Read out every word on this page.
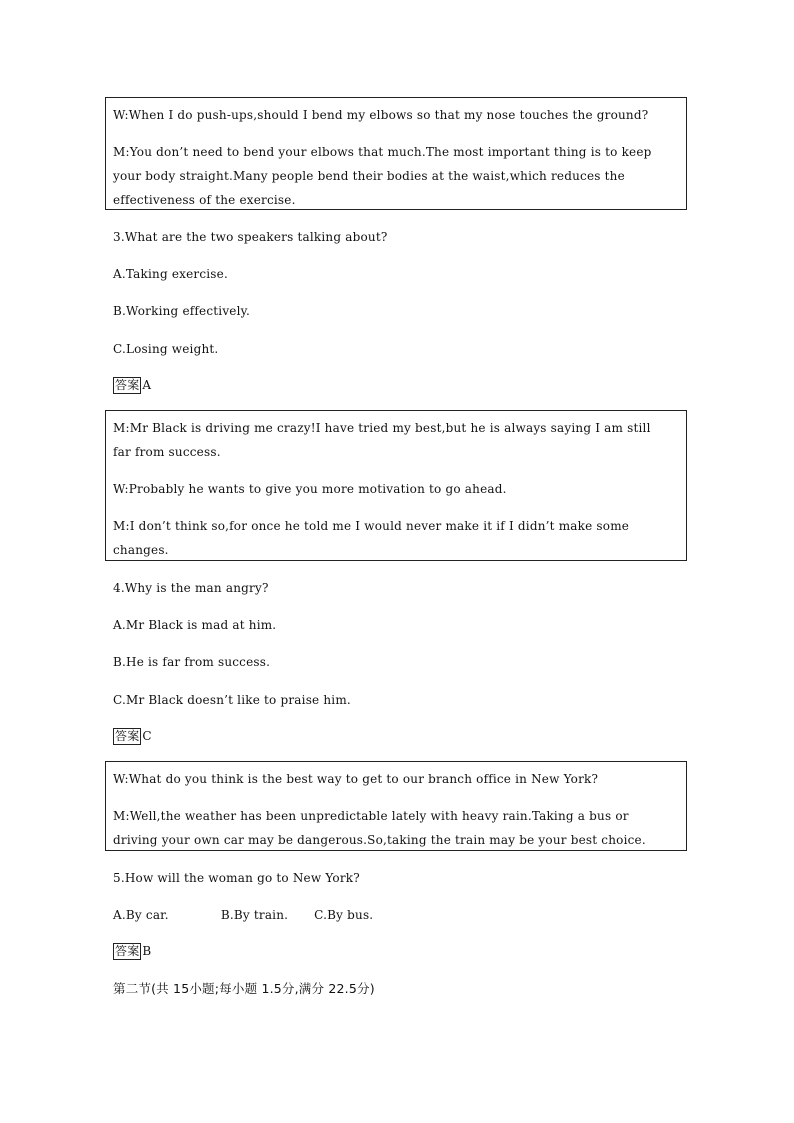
W:When I do push-ups,should I bend my elbows so that my nose touches the ground?
M:You don’t need to bend your elbows that much.The most important thing is to keep
your body straight.Many people bend their bodies at the waist,which reduces the
effectiveness of the exercise.
3.What are the two speakers talking about?
A.Taking exercise.
B.Working effectively.
C.Losing weight.
答案 A
M:Mr Black is driving me crazy!I have tried my best,but he is always saying I am still
far from success.
W:Probably he wants to give you more motivation to go ahead.
M:I don’t think so,for once he told me I would never make it if I didn’t make some
changes.
4.Why is the man angry?
A.Mr Black is mad at him.
B.He is far from success.
C.Mr Black doesn’t like to praise him.
答案 C
W:What do you think is the best way to get to our branch office in New York?
M:Well,the weather has been unpredictable lately with heavy rain.Taking a bus or
driving your own car may be dangerous.So,taking the train may be your best choice.
5.How will the woman go to New York?
A.By car.	B.By train. C.By bus.
答案 B
第二节(共 15小题;每小题 1.5分,满分 22.5分)
